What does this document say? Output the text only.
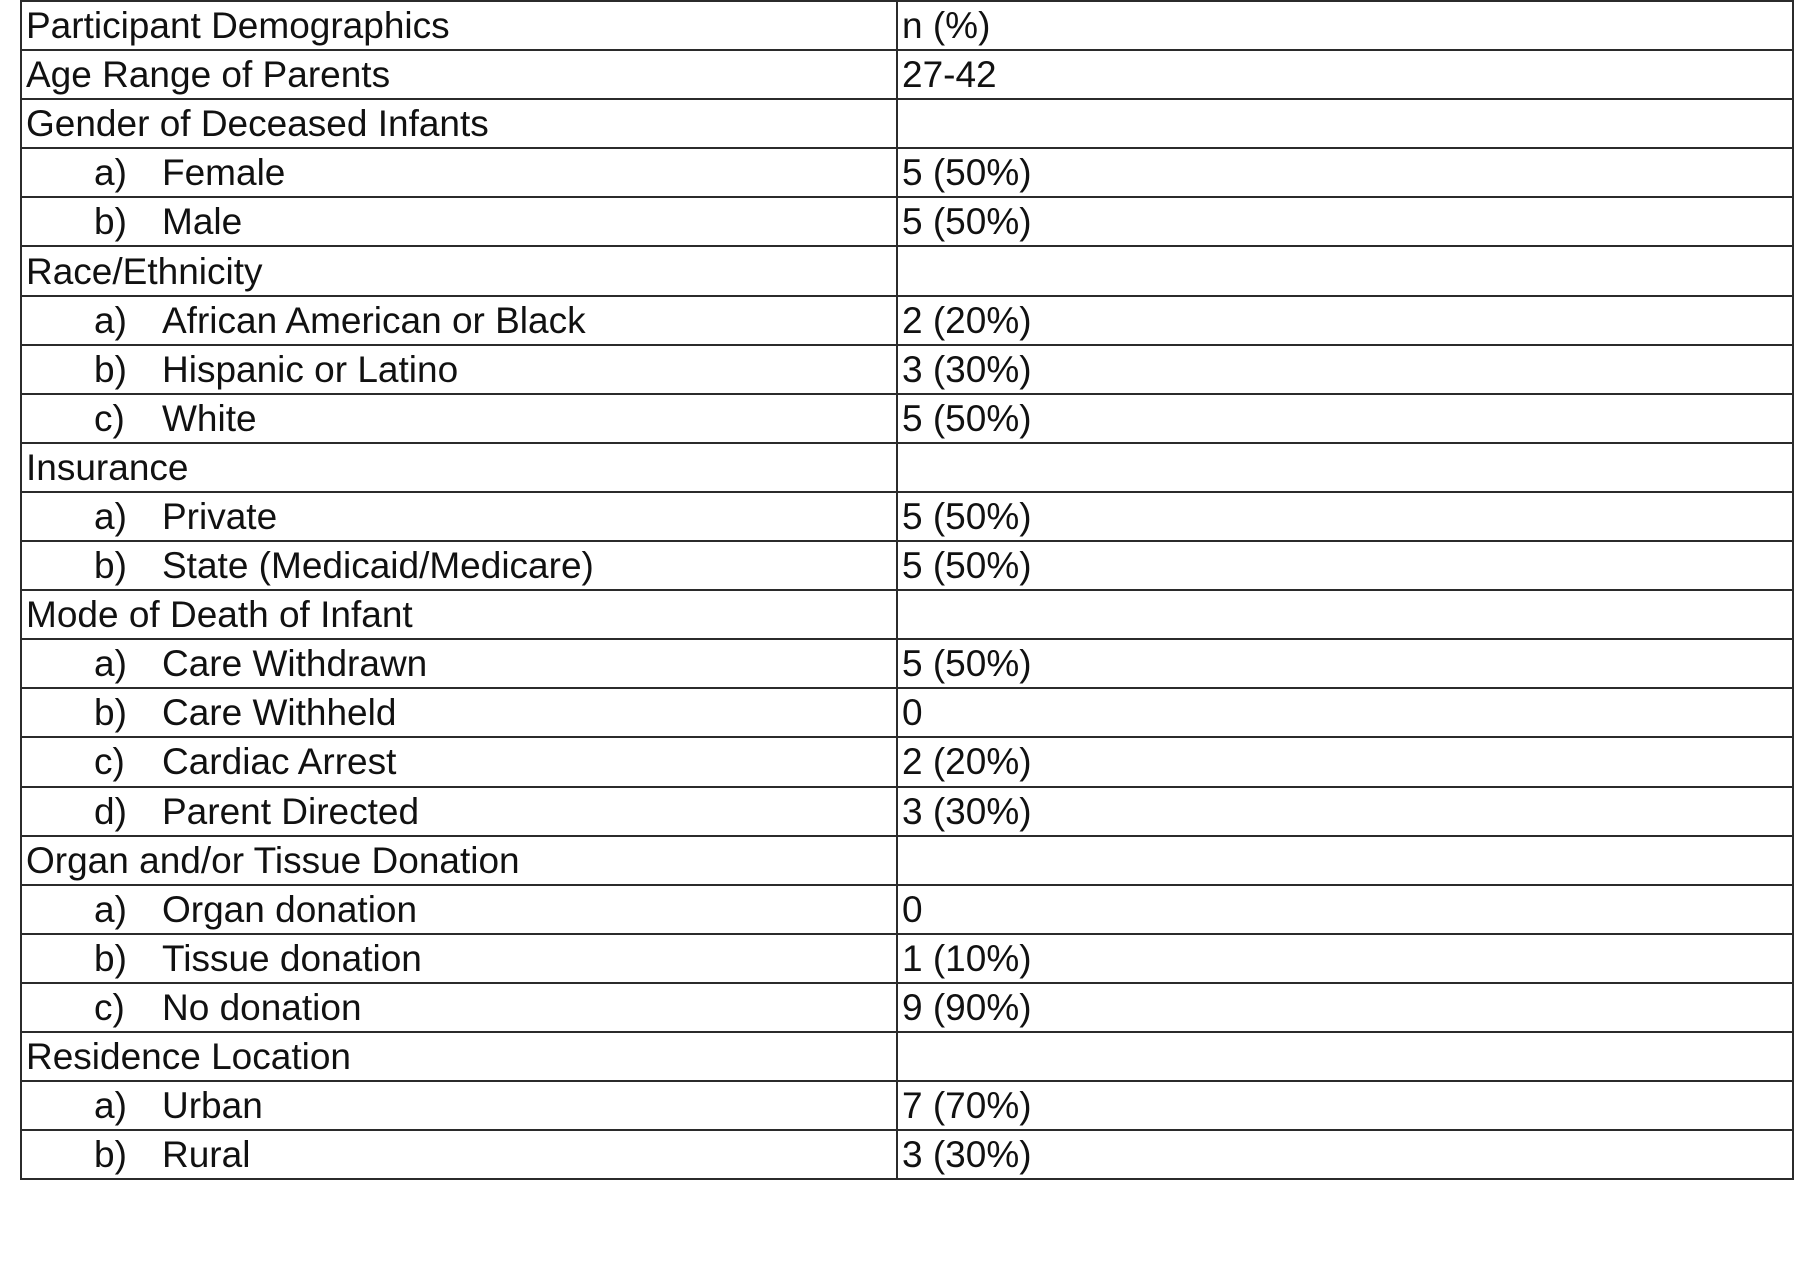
Participant Demographics	n (%)
Age Range of Parents	27-42
Gender of Deceased Infants	
a) Female	5 (50%)
b) Male	5 (50%)
Race/Ethnicity	
a) African American or Black	2 (20%)
b) Hispanic or Latino	3 (30%)
c) White	5 (50%)
Insurance	
a) Private	5 (50%)
b) State (Medicaid/Medicare)	5 (50%)
Mode of Death of Infant	
a) Care Withdrawn	5 (50%)
b) Care Withheld	0
c) Cardiac Arrest	2 (20%)
d) Parent Directed	3 (30%)
Organ and/or Tissue Donation	
a) Organ donation	0
b) Tissue donation	1 (10%)
c) No donation	9 (90%)
Residence Location	
a) Urban	7 (70%)
b) Rural	3 (30%)
